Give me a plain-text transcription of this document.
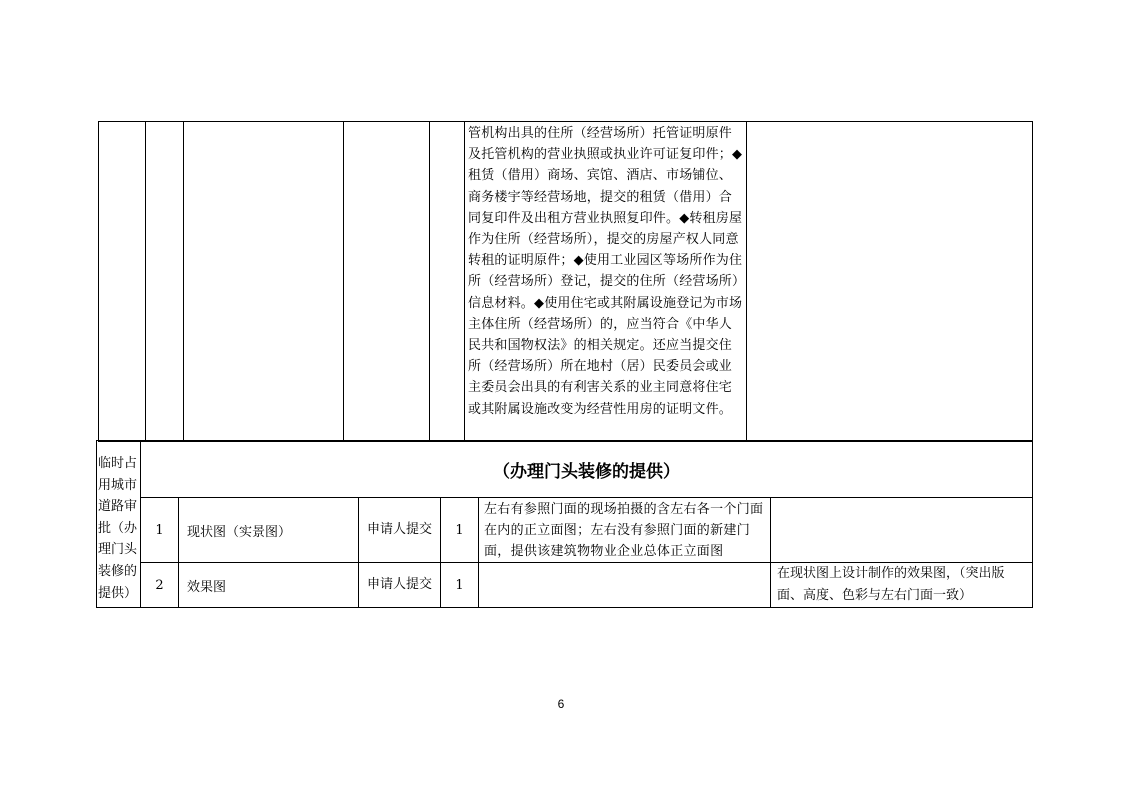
					管机构出具的住所（经营场所）托管证明原件及托管机构的营业执照或执业许可证复印件；◆租赁（借用）商场、宾馆、酒店、市场铺位、商务楼宇等经营场地，提交的租赁（借用）合同复印件及出租方营业执照复印件。◆转租房屋作为住所（经营场所），提交的房屋产权人同意转租的证明原件；◆使用工业园区等场所作为住所（经营场所）登记，提交的住所（经营场所）信息材料。◆使用住宅或其附属设施登记为市场主体住所（经营场所）的，应当符合《中华人民共和国物权法》的相关规定。还应当提交住所（经营场所）所在地村（居）民委员会或业主委员会出具的有利害关系的业主同意将住宅或其附属设施改变为经营性用房的证明文件。	
临时占用城市道路审批（办理门头装修的提供）	（办理门头装修的提供）					
	1	现状图（实景图）	申请人提交	1	左右有参照门面的现场拍摄的含左右各一个门面在内的正立面图；左右没有参照门面的新建门面，提供该建筑物物业企业总体正立面图	
	2	效果图	申请人提交	1		在现状图上设计制作的效果图，（突出版面、高度、色彩与左右门面一致）
6
